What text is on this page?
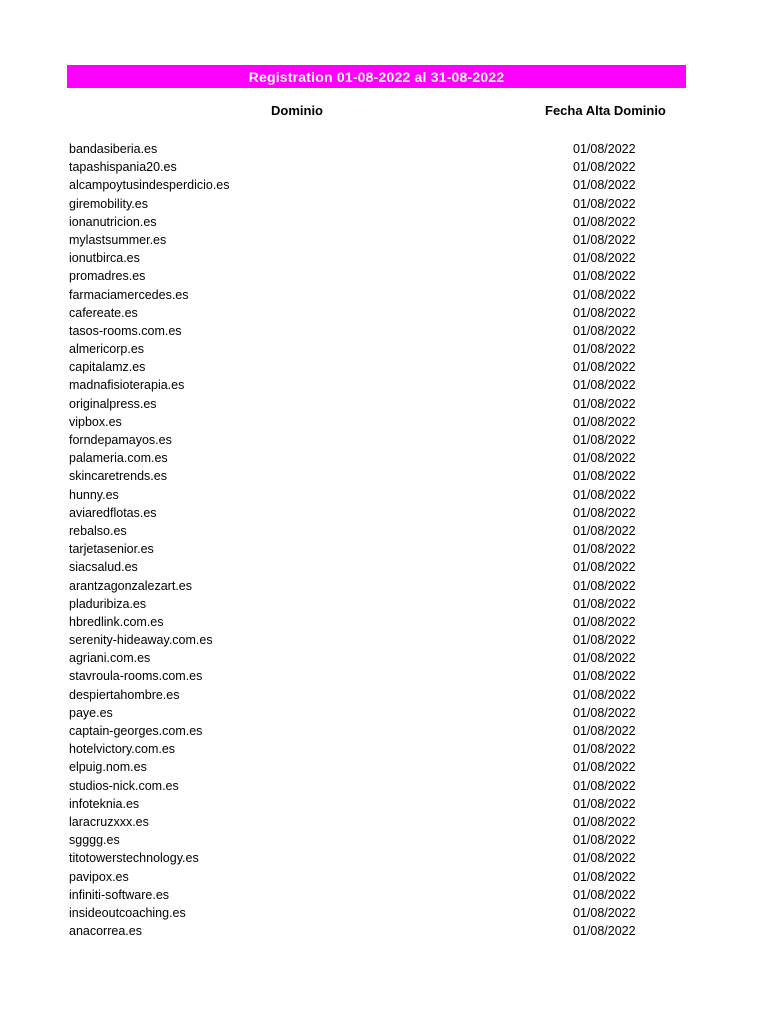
Registration 01-08-2022 al 31-08-2022
Dominio	Fecha Alta Dominio
bandasiberia.es	01/08/2022
tapashispania20.es	01/08/2022
alcampoytusindesperdicio.es	01/08/2022
giremobility.es	01/08/2022
ionanutricion.es	01/08/2022
mylastsummer.es	01/08/2022
ionutbirca.es	01/08/2022
promadres.es	01/08/2022
farmaciamercedes.es	01/08/2022
cafereate.es	01/08/2022
tasos-rooms.com.es	01/08/2022
almericorp.es	01/08/2022
capitalamz.es	01/08/2022
madnafisioterapia.es	01/08/2022
originalpress.es	01/08/2022
vipbox.es	01/08/2022
forndepamayos.es	01/08/2022
palameria.com.es	01/08/2022
skincaretrends.es	01/08/2022
hunny.es	01/08/2022
aviaredflotas.es	01/08/2022
rebalso.es	01/08/2022
tarjetasenior.es	01/08/2022
siacsalud.es	01/08/2022
arantzagonzalezart.es	01/08/2022
pladuribiza.es	01/08/2022
hbredlink.com.es	01/08/2022
serenity-hideaway.com.es	01/08/2022
agriani.com.es	01/08/2022
stavroula-rooms.com.es	01/08/2022
despiertahombre.es	01/08/2022
paye.es	01/08/2022
captain-georges.com.es	01/08/2022
hotelvictory.com.es	01/08/2022
elpuig.nom.es	01/08/2022
studios-nick.com.es	01/08/2022
infoteknia.es	01/08/2022
laracruzxxx.es	01/08/2022
sgggg.es	01/08/2022
titotowerstechnology.es	01/08/2022
pavipox.es	01/08/2022
infiniti-software.es	01/08/2022
insideoutcoaching.es	01/08/2022
anacorrea.es	01/08/2022
